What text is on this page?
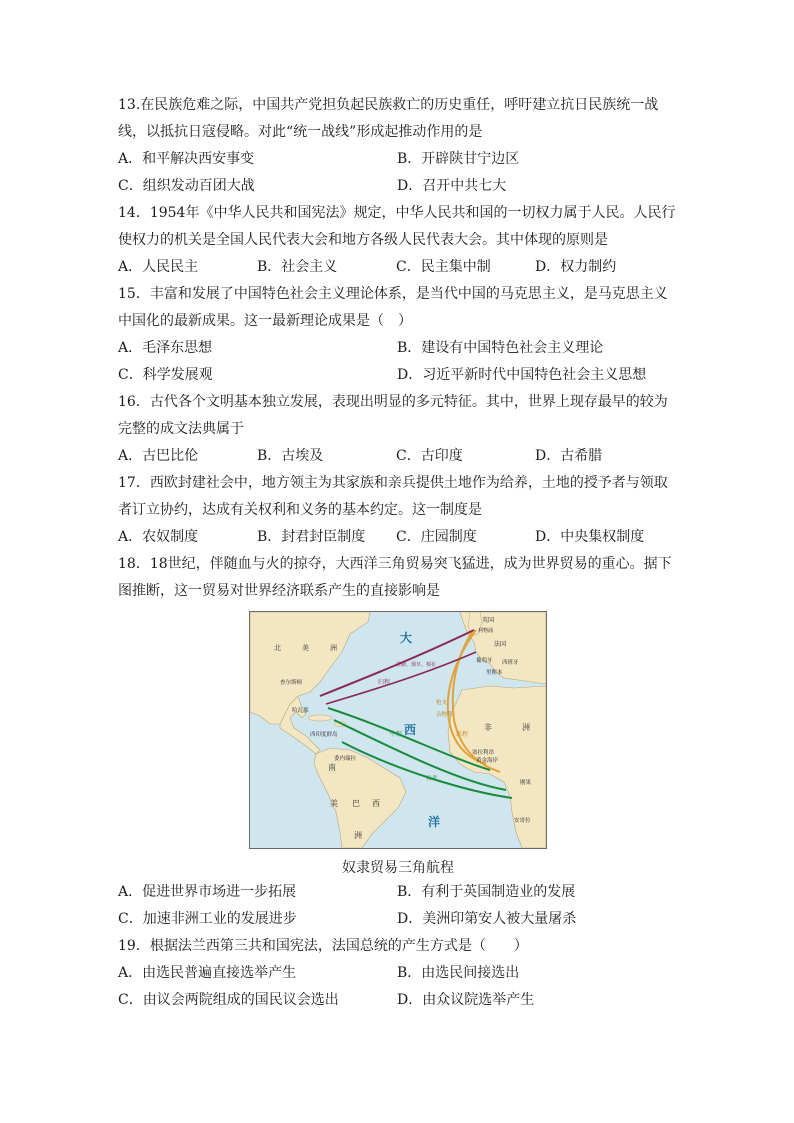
13.在民族危难之际，中国共产党担负起民族救亡的历史重任，呼吁建立抗日民族统一战线，以抵抗日寇侵略。对此“统一战线”形成起推动作用的是

A．和平解决西安事变	B．开辟陕甘宁边区
C．组织发动百团大战	D．召开中共七大

14．1954年《中华人民共和国宪法》规定，中华人民共和国的一切权力属于人民。人民行使权力的机关是全国人民代表大会和地方各级人民代表大会。其中体现的原则是

A．人民民主	B．社会主义	C．民主集中制	D．权力制约

15．丰富和发展了中国特色社会主义理论体系，是当代中国的马克思主义，是马克思主义中国化的最新成果。这一最新理论成果是（　）

A．毛泽东思想	B．建设有中国特色社会主义理论
C．科学发展观	D．习近平新时代中国特色社会主义思想

16．古代各个文明基本独立发展，表现出明显的多元特征。其中，世界上现存最早的较为完整的成文法典属于

A．古巴比伦	B．古埃及	C．古印度	D．古希腊

17．西欧封建社会中，地方领主为其家族和亲兵提供土地作为给养，土地的授予者与领取者订立协约，达成有关权利和义务的基本约定。这一制度是

A．农奴制度	B．封君封臣制度	C．庄园制度	D．中央集权制度

18．18世纪，伴随血与火的掠夺，大西洋三角贸易突飞猛进，成为世界贸易的重心。据下图推断，这一贸易对世界经济联系产生的直接影响是

北	美	洲
大
西
洋
非	洲
南
美 巴 西
洲
英国
利物浦
法国
葡萄牙 西班牙
里斯本
查尔斯顿
哈瓦那
西印度群岛
委内瑞拉
塞拉利昂
黄金海岸
刚果
安哥拉
归程
中程	出程
枪支
杂物等
奴隶
蔗糖、烟草、棉花
奴隶贸易三角航程
A．促进世界市场进一步拓展	B．有利于英国制造业的发展
C．加速非洲工业的发展进步	D．美洲印第安人被大量屠杀

19．根据法兰西第三共和国宪法，法国总统的产生方式是（　　）

A．由选民普遍直接选举产生	B．由选民间接选出
C．由议会两院组成的国民议会选出	D．由众议院选举产生
